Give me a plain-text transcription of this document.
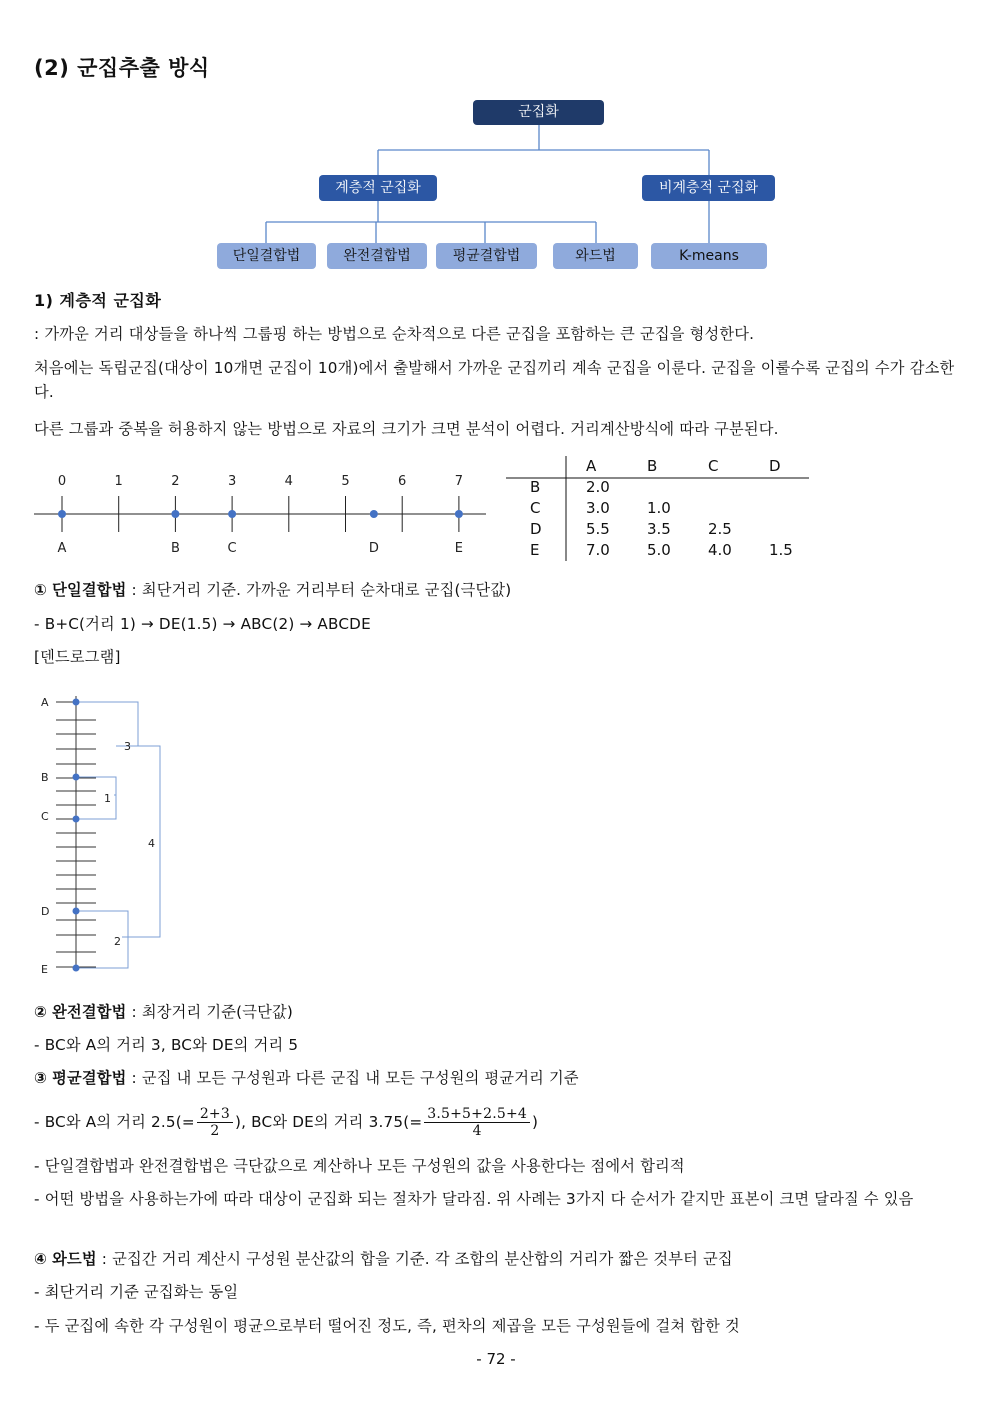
(2) 군집추출 방식
군집화
계층적 군집화	비계층적 군집화
단일결합법	완전결합법	평균결합법	와드법	K-means
1) 계층적 군집화
: 가까운 거리 대상들을 하나씩 그룹핑 하는 방법으로 순차적으로 다른 군집을 포함하는 큰 군집을 형성한다.
처음에는 독립군집(대상이 10개면 군집이 10개)에서 출발해서 가까운 군집끼리 계속 군집을 이룬다. 군집을 이룰수록 군집의 수가 감소한다.
다른 그룹과 중복을 허용하지 않는 방법으로 자료의 크기가 크면 분석이 어렵다. 거리계산방식에 따라 구분된다.
0	1	2	3	4	5	6	7
A	B	C	D	E
	A	B	C	D
B	2.0			
C	3.0	1.0		
D	5.5	3.5	2.5	
E	7.0	5.0	4.0	1.5
① 단일결합법 : 최단거리 기준. 가까운 거리부터 순차대로 군집(극단값)
- B+C(거리 1) → DE(1.5) → ABC(2) → ABCDE
[덴드로그램]
A
B
C
D
E
3
1
4
2
② 완전결합법 : 최장거리 기준(극단값)
- BC와 A의 거리 3, BC와 DE의 거리 5
③ 평균결합법 : 군집 내 모든 구성원과 다른 군집 내 모든 구성원의 평균거리 기준
- BC와 A의 거리 $2.5(= \frac{2+3}{2}$ ), BC와 DE의 거리 $3.75(= \frac{3.5+5+2.5+4}{4}$ )
- 단일결합법과 완전결합법은 극단값으로 계산하나 모든 구성원의 값을 사용한다는 점에서 합리적
- 어떤 방법을 사용하는가에 따라 대상이 군집화 되는 절차가 달라짐. 위 사례는 3가지 다 순서가 같지만 표본이 크면 달라질 수 있음
④ 와드법 : 군집간 거리 계산시 구성원 분산값의 합을 기준. 각 조합의 분산합의 거리가 짧은 것부터 군집
- 최단거리 기준 군집화는 동일
- 두 군집에 속한 각 구성원이 평균으로부터 떨어진 정도, 즉, 편차의 제곱을 모든 구성원들에 걸쳐 합한 것
- 72 -
